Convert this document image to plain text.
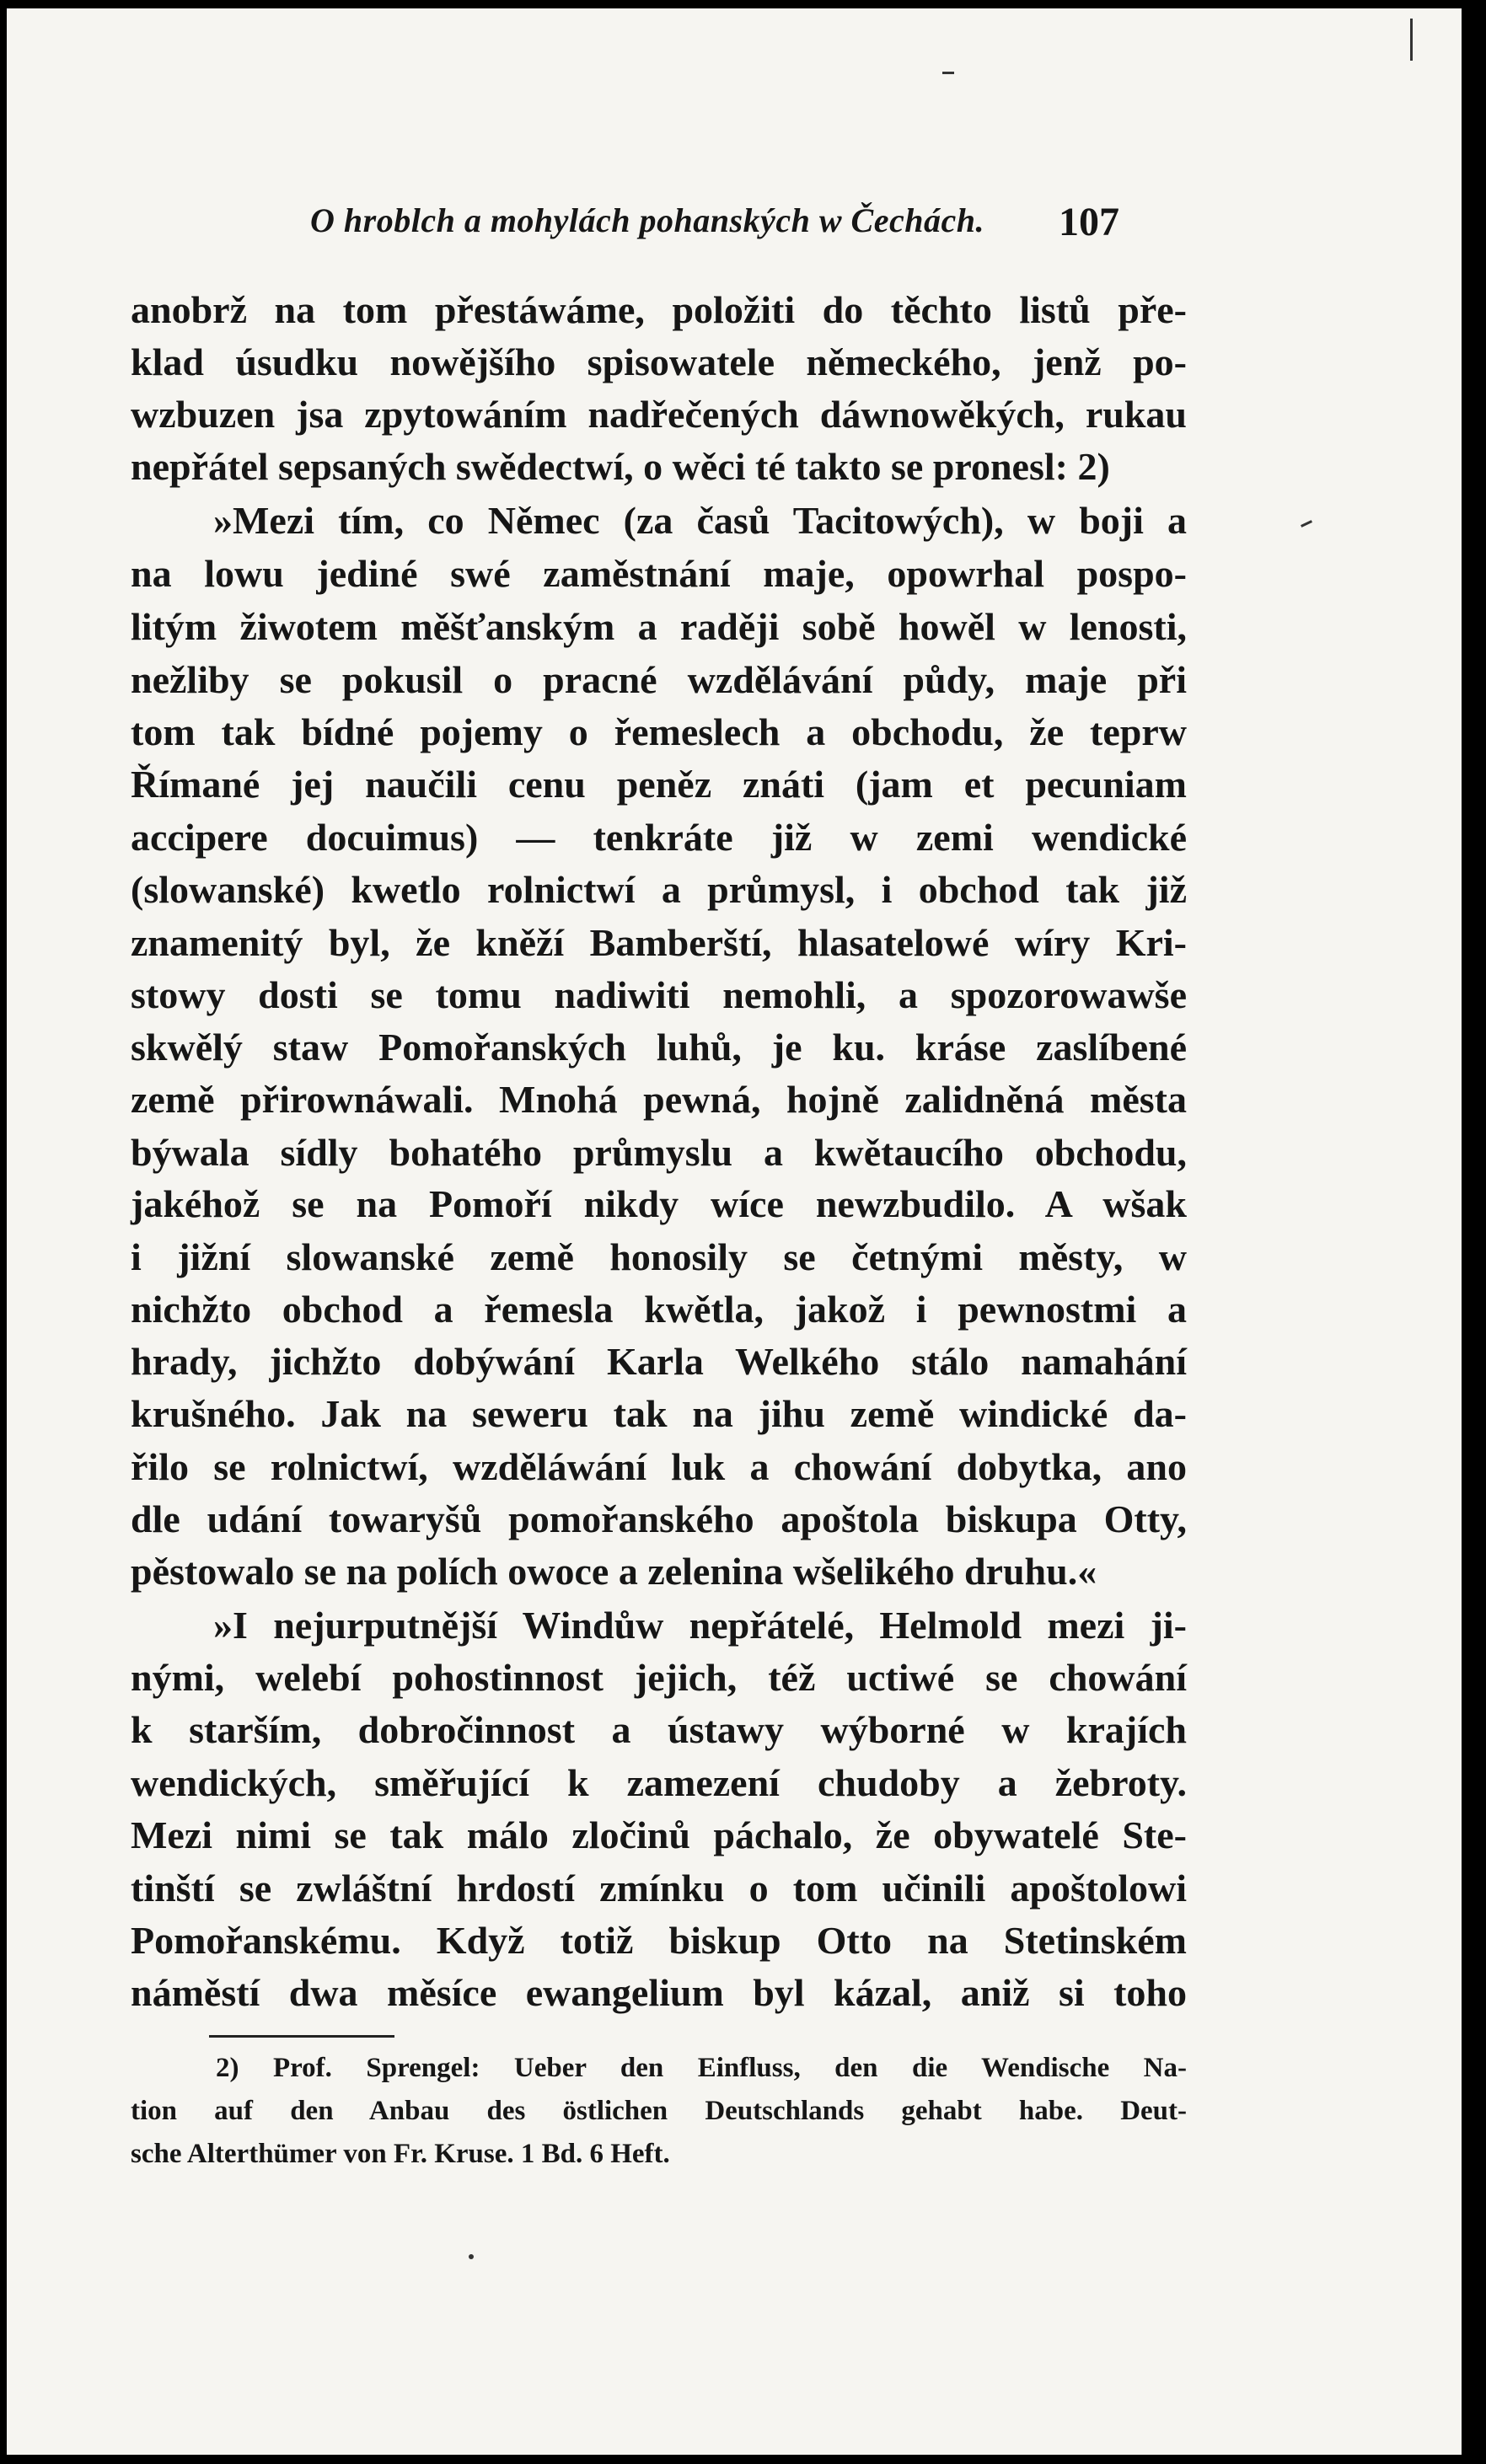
O hroblch a mohylách pohanských w Čechách.	107
anobrž na tom přestáwáme, položiti do těchto listů pře-
klad úsudku nowějšího spisowatele německého, jenž po-
wzbuzen jsa zpytowáním nadřečených dáwnowěkých, rukau
nepřátel sepsaných swědectwí, o wěci té takto se pronesl: 2)
»Mezi tím, co Němec (za časů Tacitowých), w boji a
na lowu jediné swé zaměstnání maje, opowrhal pospo-
litým žiwotem měšťanským a raději sobě howěl w lenosti,
nežliby se pokusil o pracné wzdělávání půdy, maje při
tom tak bídné pojemy o řemeslech a obchodu, že teprw
Římané jej naučili cenu peněz znáti (jam et pecuniam
accipere docuimus) — tenkráte již w zemi wendické
(slowanské) kwetlo rolnictwí a průmysl, i obchod tak již
znamenitý byl, že kněží Bamberští, hlasatelowé wíry Kri-
stowy dosti se tomu nadiwiti nemohli, a spozorowawše
skwělý staw Pomořanských luhů, je ku. kráse zaslíbené
země přirownáwali. Mnohá pewná, hojně zalidněná města
býwala sídly bohatého průmyslu a kwětaucího obchodu,
jakéhož se na Pomoří nikdy wíce newzbudilo. A wšak
i jižní slowanské země honosily se četnými městy, w
nichžto obchod a řemesla kwětla, jakož i pewnostmi a
hrady, jichžto dobýwání Karla Welkého stálo namahání
krušného. Jak na sewеru tak na jihu země windické da-
řilo se rolnictwí, wzděláwání luk a chowání dobytka, ano
dle udání towaryšů pomořanského apoštola biskupa Otty,
pěstowalo se na polích owoce a zelenina wšelikého druhu.«
»I nejurputnější Windůw nepřátelé, Helmold mezi ji-
nými, welebí pohostinnost jejich, též uctiwé se chowání
k starším, dobročinnost a ústawy wýborné w krajích
wendických, směřující k zamezení chudoby a žebroty.
Mezi nimi se tak málo zločinů páchalo, že obywatelé Ste-
tinští se zwláštní hrdostí zmínku o tom učinili apoštolowi
Pomořanskému. Když totiž biskup Otto na Stetinském
náměstí dwa měsíce ewangelium byl kázal, aniž si toho
2) Prof. Sprengel: Ueber den Einfluss, den die Wendische Na-
tion auf den Anbau des östlichen Deutschlands gehabt habe. Deut-
sche Alterthümer von Fr. Kruse. 1 Bd. 6 Heft.
